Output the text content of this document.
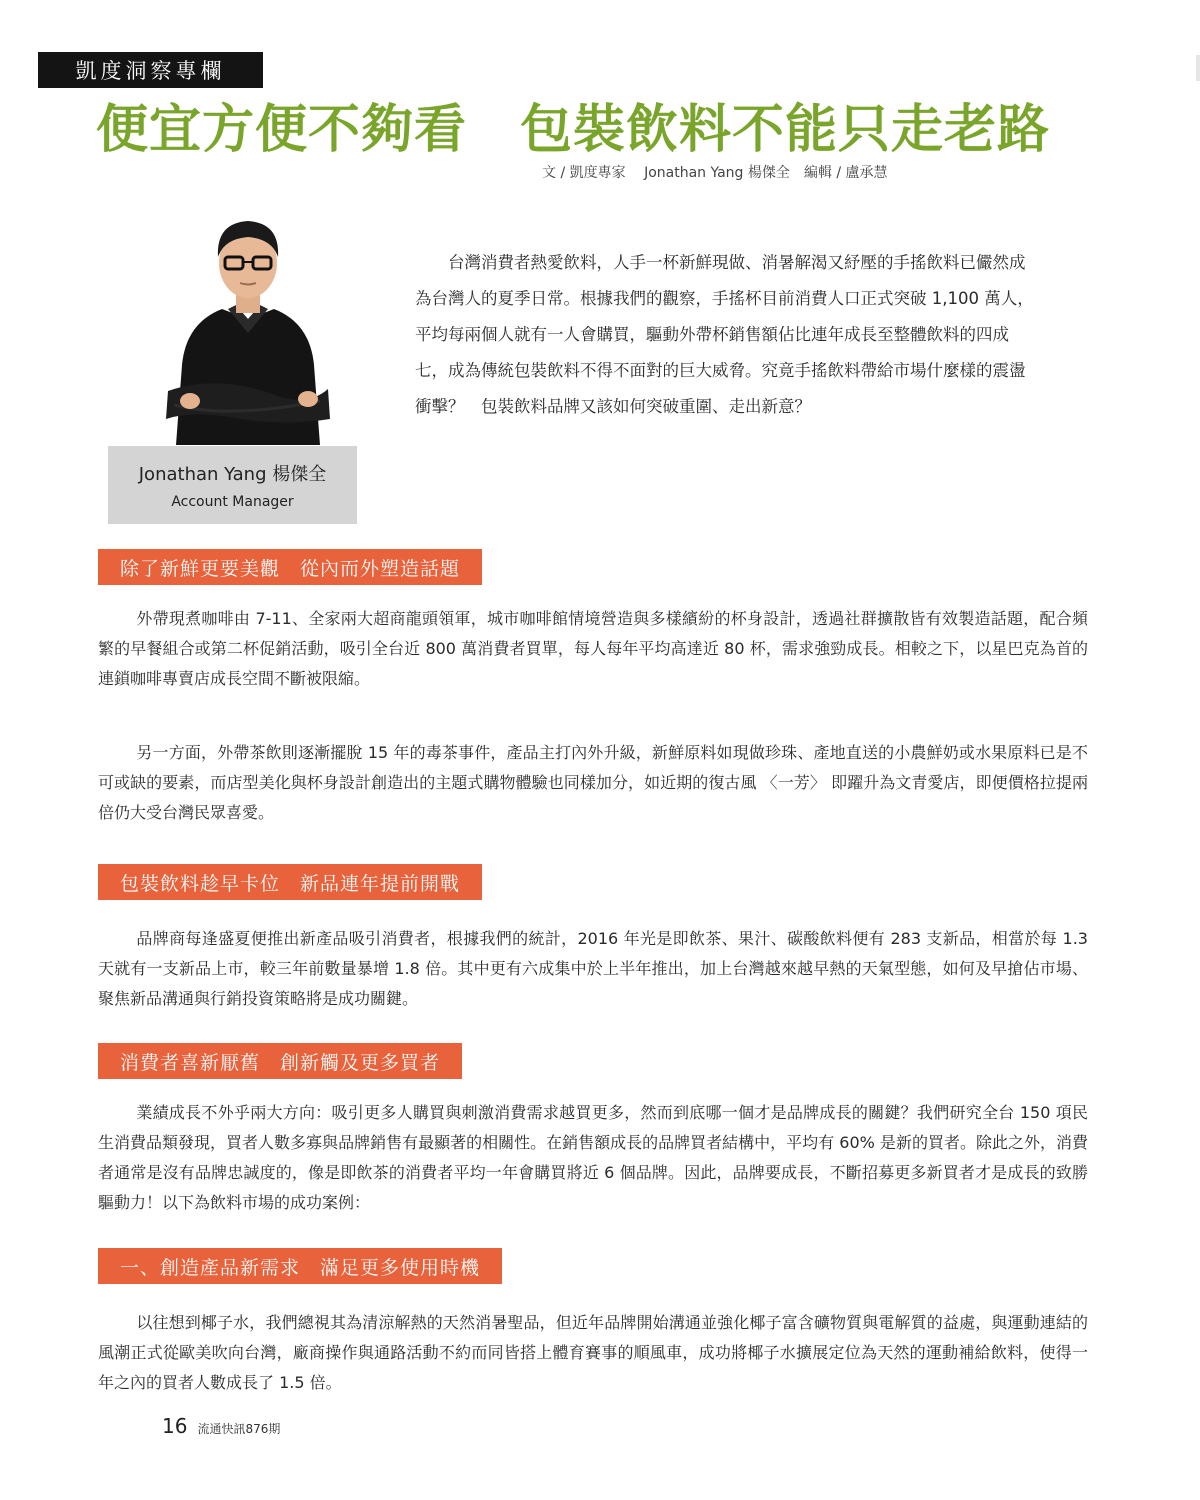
凱度洞察專欄
便宜方便不夠看　包裝飲料不能只走老路
文 / 凱度專家　 Jonathan Yang 楊傑全　編輯 / 盧承慧
Jonathan Yang 楊傑全
Account Manager

台灣消費者熱愛飲料，人手一杯新鮮現做、消暑解渴又紓壓的手搖飲料已儼然成為台灣人的夏季日常。根據我們的觀察，手搖杯目前消費人口正式突破 1,100 萬人，平均每兩個人就有一人會購買，驅動外帶杯銷售額佔比連年成長至整體飲料的四成七，成為傳統包裝飲料不得不面對的巨大威脅。究竟手搖飲料帶給市場什麼樣的震盪衝擊？　包裝飲料品牌又該如何突破重圍、走出新意？

除了新鮮更要美觀　從內而外塑造話題

外帶現煮咖啡由 7-11、全家兩大超商龍頭領軍，城市咖啡館情境營造與多樣繽紛的杯身設計，透過社群擴散皆有效製造話題，配合頻繁的早餐組合或第二杯促銷活動，吸引全台近 800 萬消費者買單，每人每年平均高達近 80 杯，需求強勁成長。相較之下，以星巴克為首的連鎖咖啡專賣店成長空間不斷被限縮。

另一方面，外帶茶飲則逐漸擺脫 15 年的毒茶事件，產品主打內外升級，新鮮原料如現做珍珠、產地直送的小農鮮奶或水果原料已是不可或缺的要素，而店型美化與杯身設計創造出的主題式購物體驗也同樣加分，如近期的復古風 〈一芳〉 即躍升為文青愛店，即便價格拉提兩倍仍大受台灣民眾喜愛。

包裝飲料趁早卡位　新品連年提前開戰

品牌商每逢盛夏便推出新產品吸引消費者，根據我們的統計，2016 年光是即飲茶、果汁、碳酸飲料便有 283 支新品，相當於每 1.3 天就有一支新品上市，較三年前數量暴增 1.8 倍。其中更有六成集中於上半年推出，加上台灣越來越早熱的天氣型態，如何及早搶佔市場、聚焦新品溝通與行銷投資策略將是成功關鍵。

消費者喜新厭舊　創新觸及更多買者

業績成長不外乎兩大方向：吸引更多人購買與刺激消費需求越買更多，然而到底哪一個才是品牌成長的關鍵？我們研究全台 150 項民生消費品類發現，買者人數多寡與品牌銷售有最顯著的相關性。在銷售額成長的品牌買者結構中，平均有 60% 是新的買者。除此之外，消費者通常是沒有品牌忠誠度的，像是即飲茶的消費者平均一年會購買將近 6 個品牌。因此，品牌要成長，不斷招募更多新買者才是成長的致勝驅動力！以下為飲料市場的成功案例：

一、創造產品新需求　滿足更多使用時機

以往想到椰子水，我們總視其為清涼解熱的天然消暑聖品，但近年品牌開始溝通並強化椰子富含礦物質與電解質的益處，與運動連結的風潮正式從歐美吹向台灣，廠商操作與通路活動不約而同皆搭上體育賽事的順風車，成功將椰子水擴展定位為天然的運動補給飲料，使得一年之內的買者人數成長了 1.5 倍。

16 流通快訊876期
